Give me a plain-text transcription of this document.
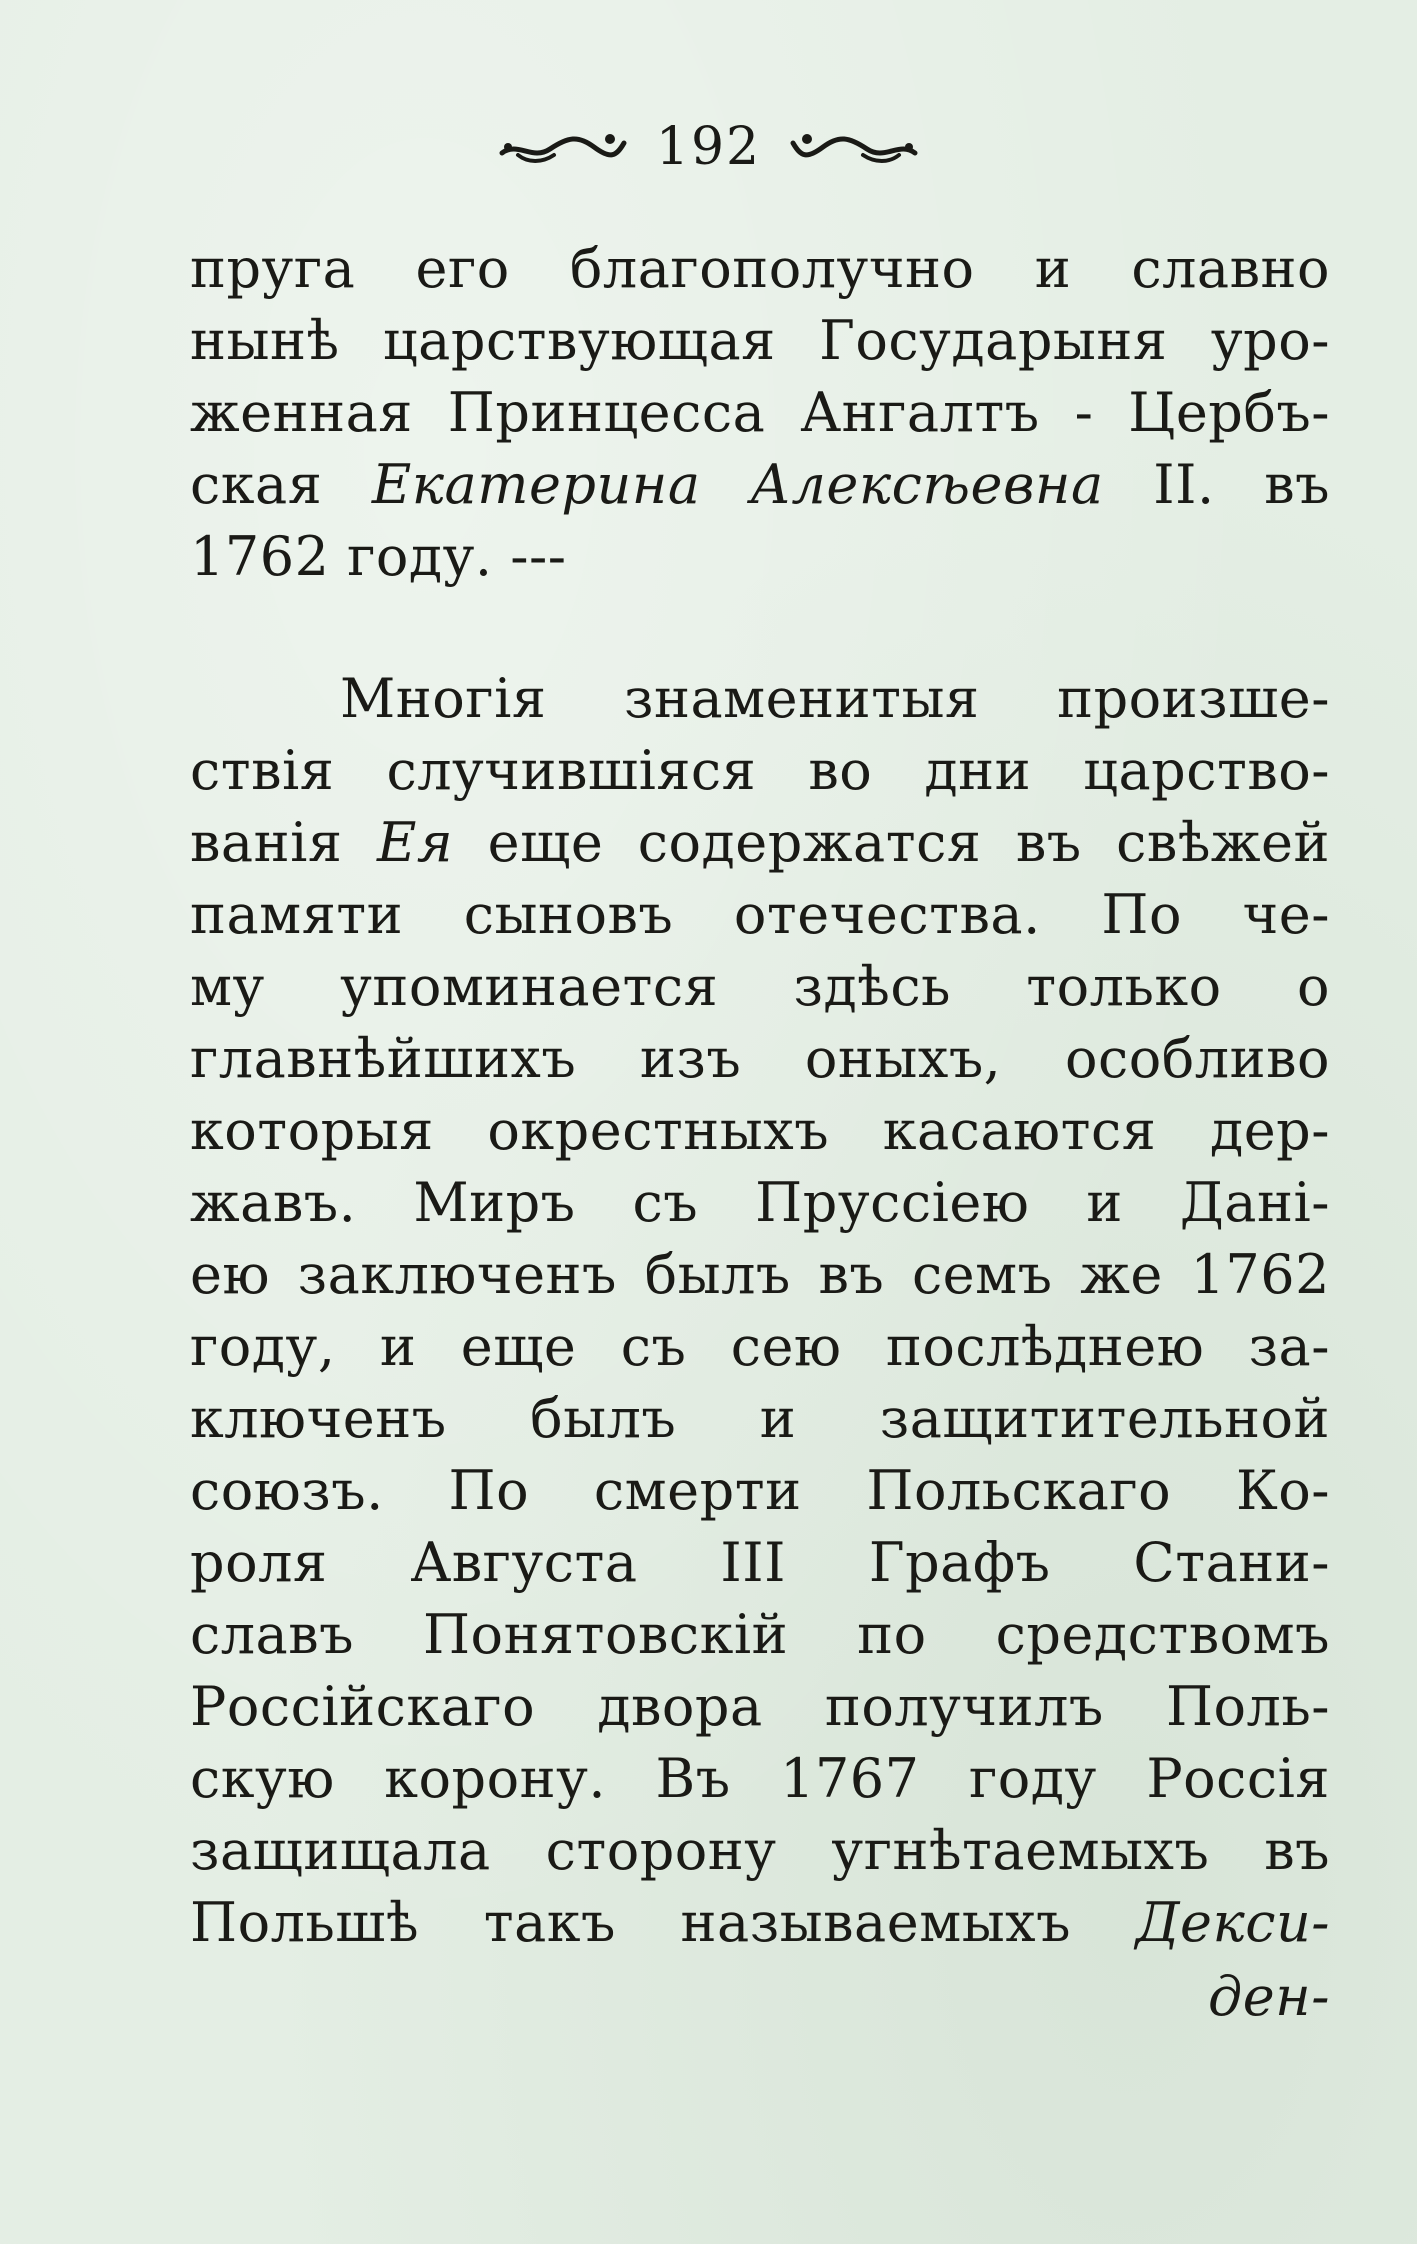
192
пруга его благополучно и славно
нынѣ царствующая Государыня уро-
женная Принцесса Ангалтъ - Цербъ-
ская Екатерина Алексѣевна II. въ
1762 году. ---
Многія знаменитыя произше-
ствія случившіяся во дни царство-
ванія Ея еще содержатся въ свѣжей
памяти сыновъ отечества. По че-
му упоминается здѣсь только о
главнѣйшихъ изъ оныхъ, особливо
которыя окрестныхъ касаются дер-
жавъ. Миръ съ Пруссіею и Дані-
ею заключенъ былъ въ семъ же 1762
году, и еще съ сею послѣднею за-
ключенъ былъ и защитительной
союзъ. По смерти Польскаго Ко-
роля Августа III Графъ Стани-
славъ Понятовскій по средствомъ
Россійскаго двора получилъ Поль-
скую корону. Въ 1767 году Россія
защищала сторону угнѣтаемыхъ въ
Польшѣ такъ называемыхъ Декси-
ден-
